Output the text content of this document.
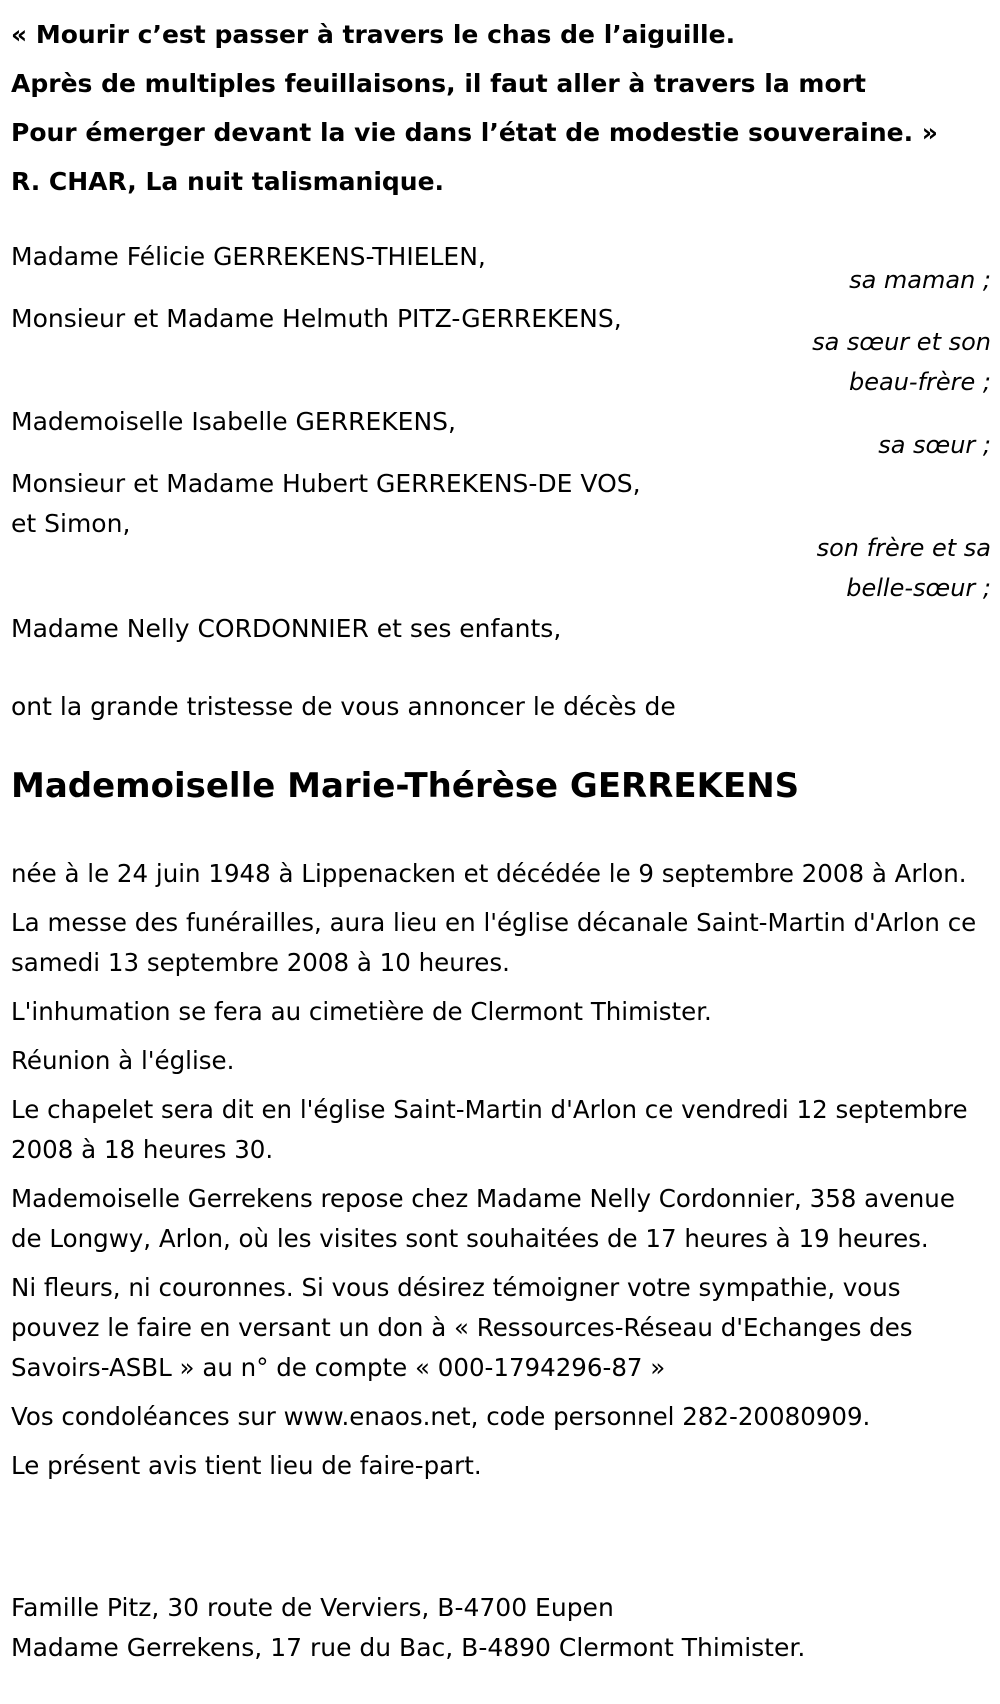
« Mourir c’est passer à travers le chas de l’aiguille.

Après de multiples feuillaisons, il faut aller à travers la mort

Pour émerger devant la vie dans l’état de modestie souveraine. »

R. CHAR, La nuit talismanique.

Madame Félicie GERREKENS-THIELEN,
sa maman ;
Monsieur et Madame Helmuth PITZ-GERREKENS,
sa sœur et son
beau-frère ;
Mademoiselle Isabelle GERREKENS,
sa sœur ;
Monsieur et Madame Hubert GERREKENS-DE VOS,
et Simon,
son frère et sa
belle-sœur ;
Madame Nelly CORDONNIER et ses enfants,
ont la grande tristesse de vous annoncer le décès de
Mademoiselle Marie-Thérèse GERREKENS

née à le 24 juin 1948 à Lippenacken et décédée le 9 septembre 2008 à Arlon.

La messe des funérailles, aura lieu en l'église décanale Saint-Martin d'Arlon ce samedi 13 septembre 2008 à 10 heures.

L'inhumation se fera au cimetière de Clermont Thimister.

Réunion à l'église.

Le chapelet sera dit en l'église Saint-Martin d'Arlon ce vendredi 12 septembre 2008 à 18 heures 30.

Mademoiselle Gerrekens repose chez Madame Nelly Cordonnier, 358 avenue de Longwy, Arlon, où les visites sont souhaitées de 17 heures à 19 heures.

Ni fleurs, ni couronnes. Si vous désirez témoigner votre sympathie, vous pouvez le faire en versant un don à « Ressources-Réseau d'Echanges des Savoirs-ASBL » au n° de compte « 000-1794296-87 »

Vos condoléances sur www.enaos.net, code personnel 282-20080909.

Le présent avis tient lieu de faire-part.

Famille Pitz, 30 route de Verviers, B-4700 Eupen

Madame Gerrekens, 17 rue du Bac, B-4890 Clermont Thimister.
